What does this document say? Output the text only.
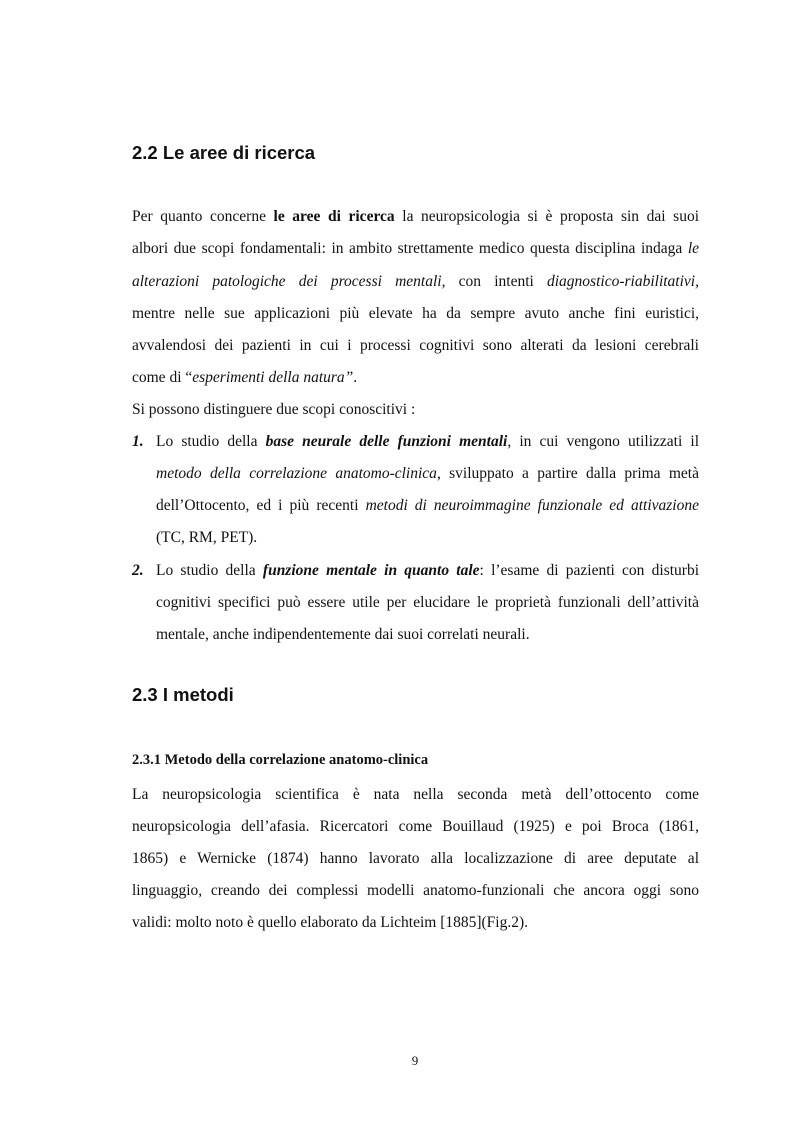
2.2 Le aree di ricerca
Per quanto concerne le aree di ricerca la neuropsicologia si è proposta sin dai suoi
albori due scopi fondamentali: in ambito strettamente medico questa disciplina indaga le
alterazioni patologiche dei processi mentali, con intenti diagnostico-riabilitativi,
mentre nelle sue applicazioni più elevate ha da sempre avuto anche fini euristici,
avvalendosi dei pazienti in cui i processi cognitivi sono alterati da lesioni cerebrali
come di “esperimenti della natura”.
Si possono distinguere due scopi conoscitivi :
1. Lo studio della base neurale delle funzioni mentali, in cui vengono utilizzati il
metodo della correlazione anatomo-clinica, sviluppato a partire dalla prima metà
dell’Ottocento, ed i più recenti metodi di neuroimmagine funzionale ed attivazione
(TC, RM, PET).
2. Lo studio della funzione mentale in quanto tale: l’esame di pazienti con disturbi
cognitivi specifici può essere utile per elucidare le proprietà funzionali dell’attività
mentale, anche indipendentemente dai suoi correlati neurali.
2.3 I metodi
2.3.1 Metodo della correlazione anatomo-clinica
La neuropsicologia scientifica è nata nella seconda metà dell’ottocento come
neuropsicologia dell’afasia. Ricercatori come Bouillaud (1925) e poi Broca (1861,
1865) e Wernicke (1874) hanno lavorato alla localizzazione di aree deputate al
linguaggio, creando dei complessi modelli anatomo-funzionali che ancora oggi sono
validi: molto noto è quello elaborato da Lichteim [1885](Fig.2).
9
